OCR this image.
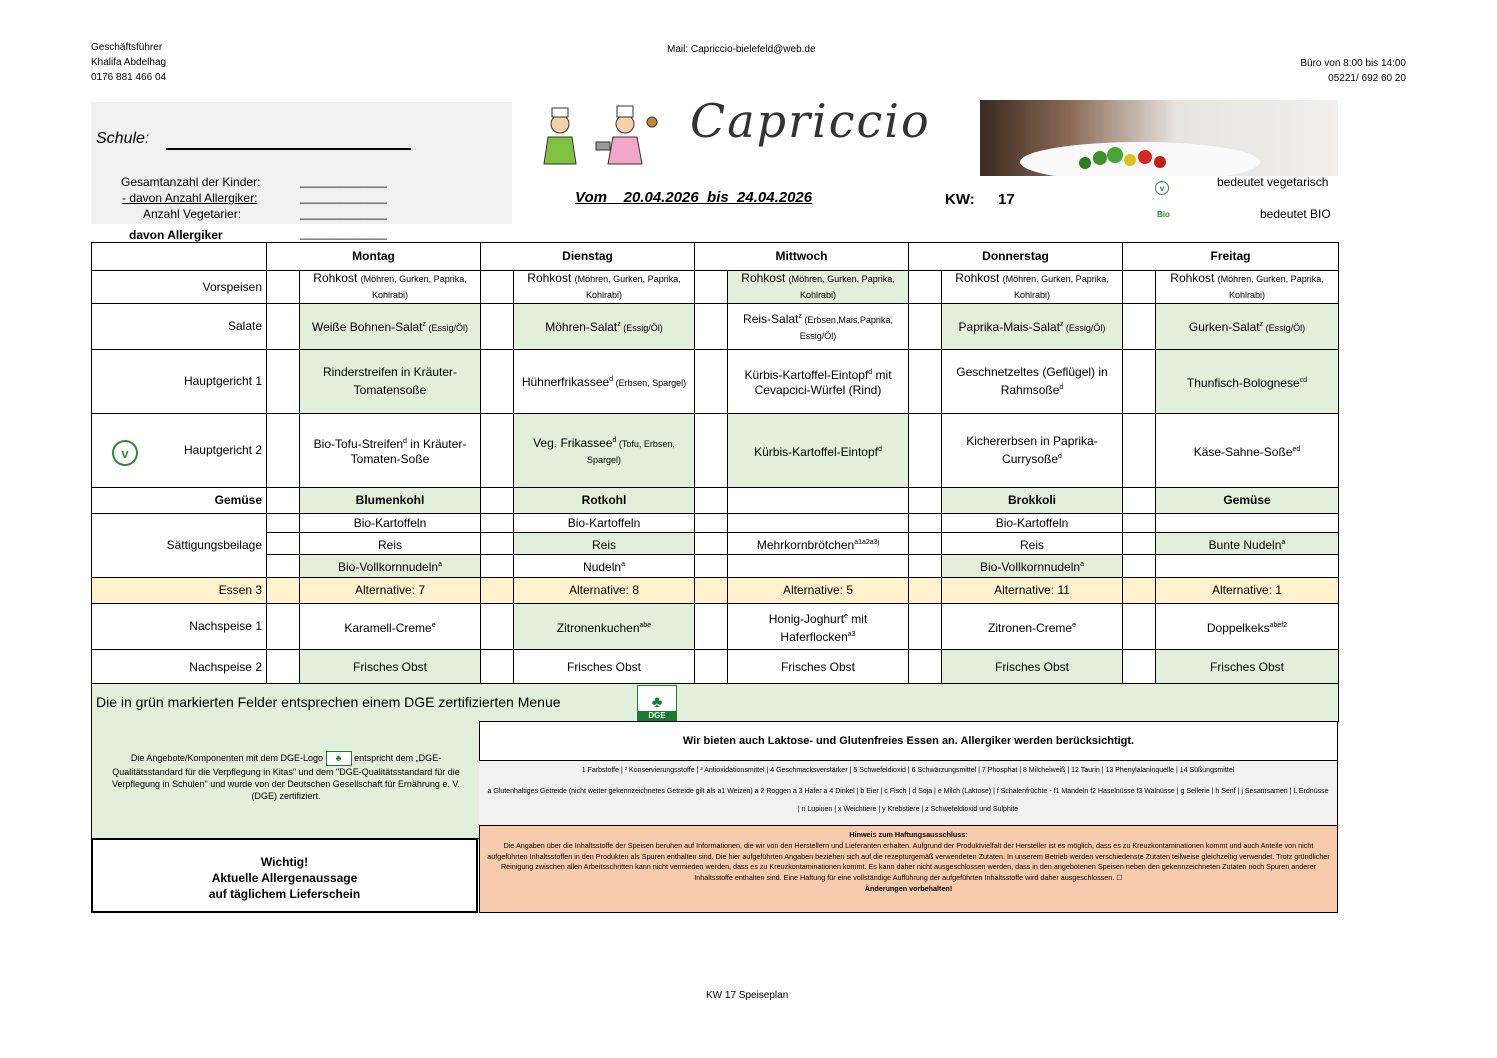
Geschäftsführer
Khalifa Abdelhag
0176 881 466 04
Mail: Capriccio-bielefeld@web.de
Büro von 8:00 bis 14:00
05221/ 692 60 20
Schule:
Gesamtanzahl der Kinder:
- davon Anzahl Allergiker:
Anzahl Vegetarier:
davon Allergiker
_____________
_____________
_____________
_____________
Capriccio
Vom    20.04.2026  bis  24.04.2026	KW: 17
v	bedeutet vegetarisch
Bio	bedeutet BIO
	Montag		Dienstag		Mittwoch		Donnerstag		Freitag	
Vorspeisen		Rohkost (Möhren, Gurken, Paprika, Kohlrabi)		Rohkost (Möhren, Gurken, Paprika, Kohlrabi)		Rohkost (Möhren, Gurken, Paprika, Kohlrabi)		Rohkost (Möhren, Gurken, Paprika, Kohlrabi)		Rohkost (Möhren, Gurken, Paprika, Kohlrabi)
Salate		Weiße Bohnen-Salat$^z$ (Essig/Öl)		Möhren-Salat$^z$ (Essig/Öl)		Reis-Salat$^z$ (Erbsen,Mais,Paprika, Essig/Öl)		Paprika-Mais-Salat$^z$ (Essig/Öl)		Gurken-Salat$^z$ (Essig/Öl)
Hauptgericht 1		Rinderstreifen in Kräuter-Tomatensoße		Hühnerfrikassee$^d$ (Erbsen, Spargel)		Kürbis-Kartoffel-Eintopf$^d$ mit Cevapcici-Würfel (Rind)		Geschnetzeltes (Geflügel) in Rahmsoße$^d$		Thunfisch-Bolognese$^{cd}$

v Hauptgericht 2		Bio-Tofu-Streifen$^d$ in Kräuter-Tomaten-Soße		Veg. Frikassee$^d$ (Tofu, Erbsen, Spargel)		Kürbis-Kartoffel-Eintopf$^d$		Kichererbsen in Paprika-Currysoße$^d$		Käse-Sahne-Soße$^{ed}$
Gemüse		Blumenkohl		Rotkohl				Brokkoli		Gemüse
Sättigungsbeilage		Bio-Kartoffeln		Bio-Kartoffeln				Bio-Kartoffeln		
		Reis		Reis		Mehrkornbrötchen$^{a1a2a3j}$		Reis		Bunte Nudeln$^a$
		Bio-Vollkornnudeln$^a$		Nudeln$^a$				Bio-Vollkornnudeln$^a$		
Essen 3		Alternative: 7		Alternative: 8		Alternative: 5		Alternative: 11		Alternative: 1
Nachspeise 1		Karamell-Creme$^e$		Zitronenkuchen$^{abe}$		Honig-Joghurt$^e$ mit Haferflocken$^{a3}$		Zitronen-Creme$^e$		Doppelkeks$^{abef2}$
Nachspeise 2		Frisches Obst		Frisches Obst		Frisches Obst		Frisches Obst		Frisches Obst
Die in grün markierten Felder entsprechen einem DGE zertifizierten Menue	♣
DGE
Die Angebote/Komponenten mit dem DGE-Logo ♣ entspricht dem „DGE-Qualitätsstandard für die Verpflegung in Kitas" und dem "DGE-Qualitätsstandard für die Verpflegung in Schulen" und wurde von der Deutschen Gesellschaft für Ernährung e. V. (DGE) zertifiziert.
Wichtig!
Aktuelle Allergenaussage
auf täglichem Lieferschein
Wir bieten auch Laktose- und Glutenfreies Essen an. Allergiker werden berücksichtigt.
1 Farbstoffe | ² Konservierungsstoffe | ³ Antioxidationsmittel | 4 Geschmacksverstärker | 5 Schwefeldioxid | 6 Schwärzungsmittel | 7 Phosphat | 8 Milcheiweiß | 12 Taurin | 13 Phenylalaninquelle | 14 Süßungsmittel
a Glutenhaltiges Getreide (nicht weiter gekennzeichnetes Getreide gilt als a1 Weizen) a 2 Roggen a 3 Hafer a 4 Dinkel | b Eier | c Fisch | d Soja | e Milch (Laktose) | f Schalenfrüchte - f1 Mandeln f2 Haselnüsse f3 Walnüsse | g Sellerie | h Senf | j Sesamsamen | L Erdnüsse | n Lupinen | x Weichtiere | y Krebstiere | z Schwefeldioxid und Sulphite
Hinweis zum Haftungsausschluss:
Die Angaben über die Inhaltsstoffe der Speisen beruhen auf Informationen, die wir von den Herstellern und Lieferanten erhalten. Aufgrund der Produktvielfalt der Hersteller ist es möglich, dass es zu Kreuzkontaminationen kommt und auch Anteile von nicht aufgeführten Inhaltsstoffen in den Produkten als Spuren enthalten sind. Die hier aufgeführten Angaben beziehen sich auf die rezepturgemäß verwendeten Zutaten. In unserem Betrieb werden verschiedenste Zutaten teilweise gleichzeitig verwendet. Trotz gründlicher Reinigung zwischen allen Arbeitsschritten kann nicht vermieden werden, dass es zu Kreuzkontaminationen kommt. Es kann daher nicht ausgeschlossen werden, dass in den angebotenen Speisen neben den gekennzeichneten Zutaten noch Spuren anderer Inhaltsstoffe enthalten sind. Eine Haftung für eine vollständige Aufführung der aufgeführten Inhaltsstoffe wird daher ausgeschlossen. ☐
Änderungen vorbehalten!
KW 17 Speiseplan
